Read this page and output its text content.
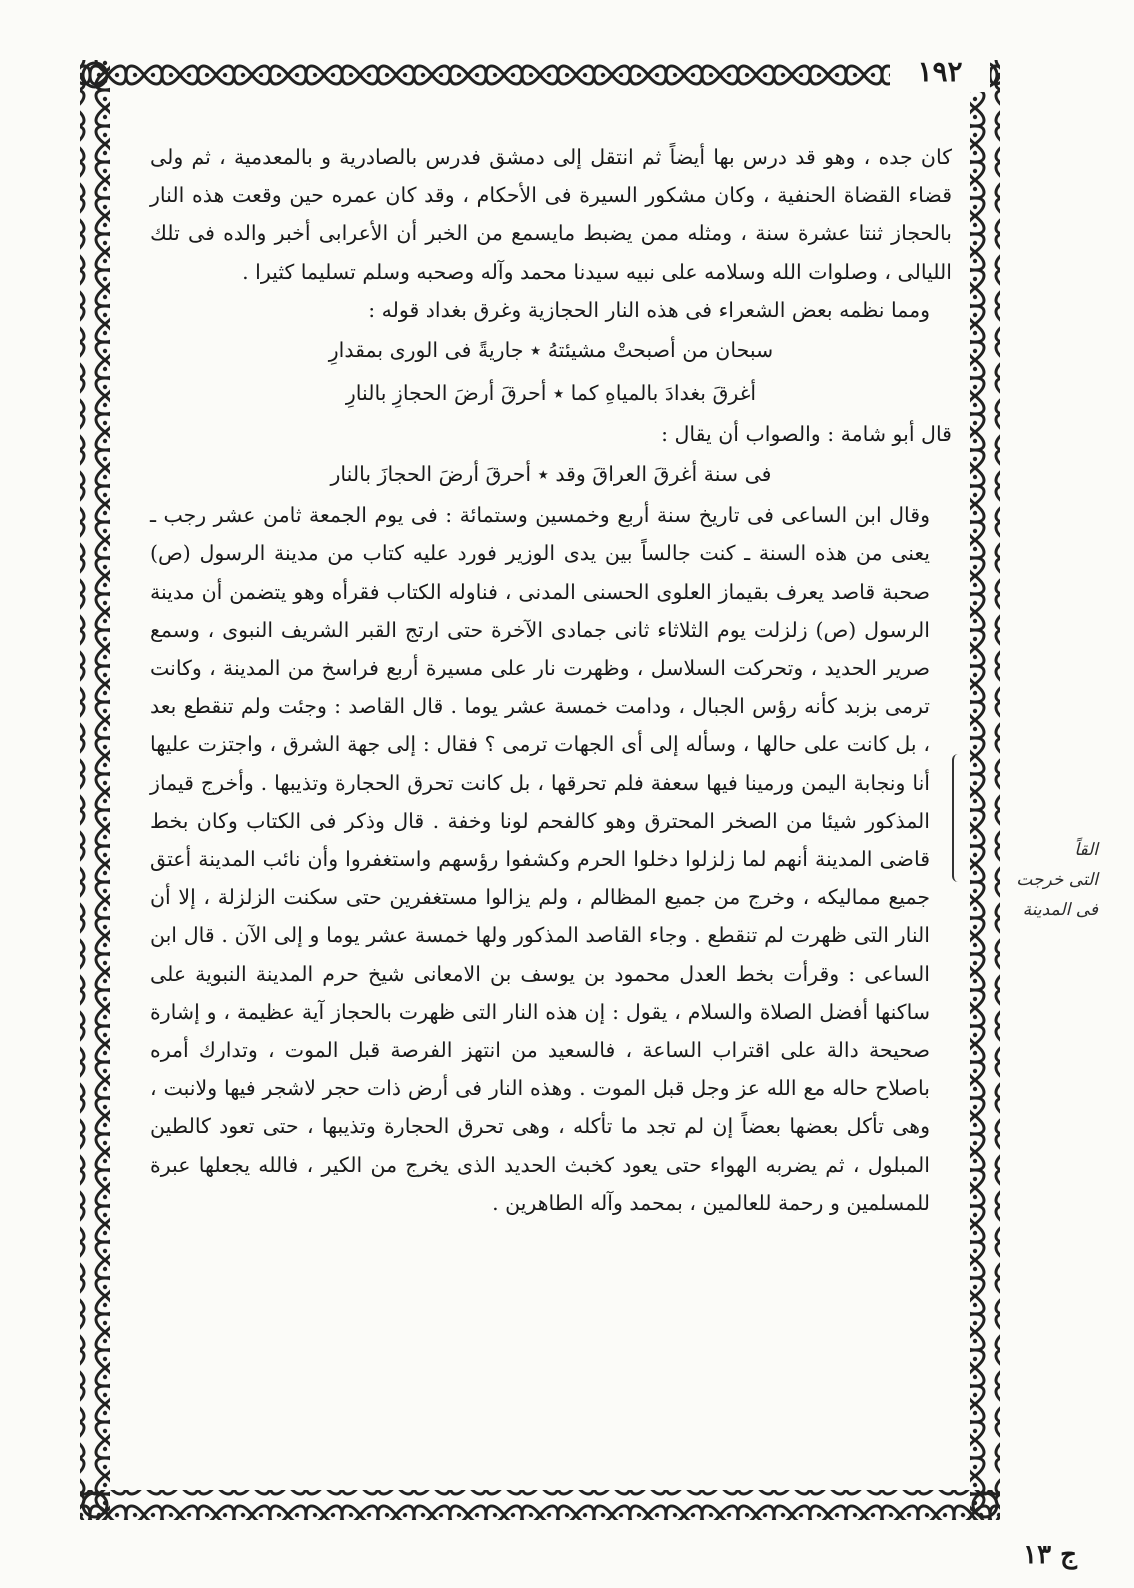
١٩٢

كان جده ، وهو قد درس بها أيضاً ثم انتقل إلى دمشق فدرس بالصادرية و بالمعدمية ، ثم ولى قضاء القضاة الحنفية ، وكان مشكور السيرة فى الأحكام ، وقد كان عمره حين وقعت هذه النار بالحجاز ثنتا عشرة سنة ، ومثله ممن يضبط مايسمع من الخبر أن الأعرابى أخبر والده فى تلك الليالى ، وصلوات الله وسلامه على نبيه سيدنا محمد وآله وصحبه وسلم تسليما كثيرا .

ومما نظمه بعض الشعراء فى هذه النار الحجازية وغرق بغداد قوله :

سبحان من أصبحتْ مشيئتهُ ٭ جاريةً فى الورى بمقدارِ
أغرقَ بغدادَ بالمياهِ كما ٭ أحرقَ أرضَ الحجازِ بالنارِ

قال أبو شامة : والصواب أن يقال :

فى سنة أغرقَ العراقَ وقد ٭ أحرقَ أرضَ الحجازَ بالنار

وقال ابن الساعى فى تاريخ سنة أربع وخمسين وستمائة : فى يوم الجمعة ثامن عشر رجب ـ يعنى من هذه السنة ـ كنت جالساً بين يدى الوزير فورد عليه كتاب من مدينة الرسول (ص) صحبة قاصد يعرف بقيماز العلوى الحسنى المدنى ، فناوله الكتاب فقرأه وهو يتضمن أن مدينة الرسول (ص) زلزلت يوم الثلاثاء ثانى جمادى الآخرة حتى ارتج القبر الشريف النبوى ، وسمع صرير الحديد ، وتحركت السلاسل ، وظهرت نار على مسيرة أربع فراسخ من المدينة ، وكانت ترمى بزبد كأنه رؤس الجبال ، ودامت خمسة عشر يوما . قال القاصد : وجئت ولم تنقطع بعد ، بل كانت على حالها ، وسأله إلى أى الجهات ترمى ؟ فقال : إلى جهة الشرق ، واجتزت عليها أنا ونجابة اليمن ورمينا فيها سعفة فلم تحرقها ، بل كانت تحرق الحجارة وتذيبها . وأخرج قيماز المذكور شيئا من الصخر المحترق وهو كالفحم لونا وخفة . قال وذكر فى الكتاب وكان بخط قاضى المدينة أنهم لما زلزلوا دخلوا الحرم وكشفوا رؤسهم واستغفروا وأن نائب المدينة أعتق جميع مماليكه ، وخرج من جميع المظالم ، ولم يزالوا مستغفرين حتى سكنت الزلزلة ، إلا أن النار التى ظهرت لم تنقطع . وجاء القاصد المذكور ولها خمسة عشر يوما و إلى الآن . قال ابن الساعى : وقرأت بخط العدل محمود بن يوسف بن الامعانى شيخ حرم المدينة النبوية على ساكنها أفضل الصلاة والسلام ، يقول : إن هذه النار التى ظهرت بالحجاز آية عظيمة ، و إشارة صحيحة دالة على اقتراب الساعة ، فالسعيد من انتهز الفرصة قبل الموت ، وتدارك أمره باصلاح حاله مع الله عز وجل قبل الموت . وهذه النار فى أرض ذات حجر لاشجر فيها ولانبت ، وهى تأكل بعضها بعضاً إن لم تجد ما تأكله ، وهى تحرق الحجارة وتذيبها ، حتى تعود كالطين المبلول ، ثم يضربه الهواء حتى يعود كخبث الحديد الذى يخرج من الكير ، فالله يجعلها عبرة للمسلمين و رحمة للعالمين ، بمحمد وآله الطاهرين .

القاً
التى خرجت
فى المدينة
ج ١٣
